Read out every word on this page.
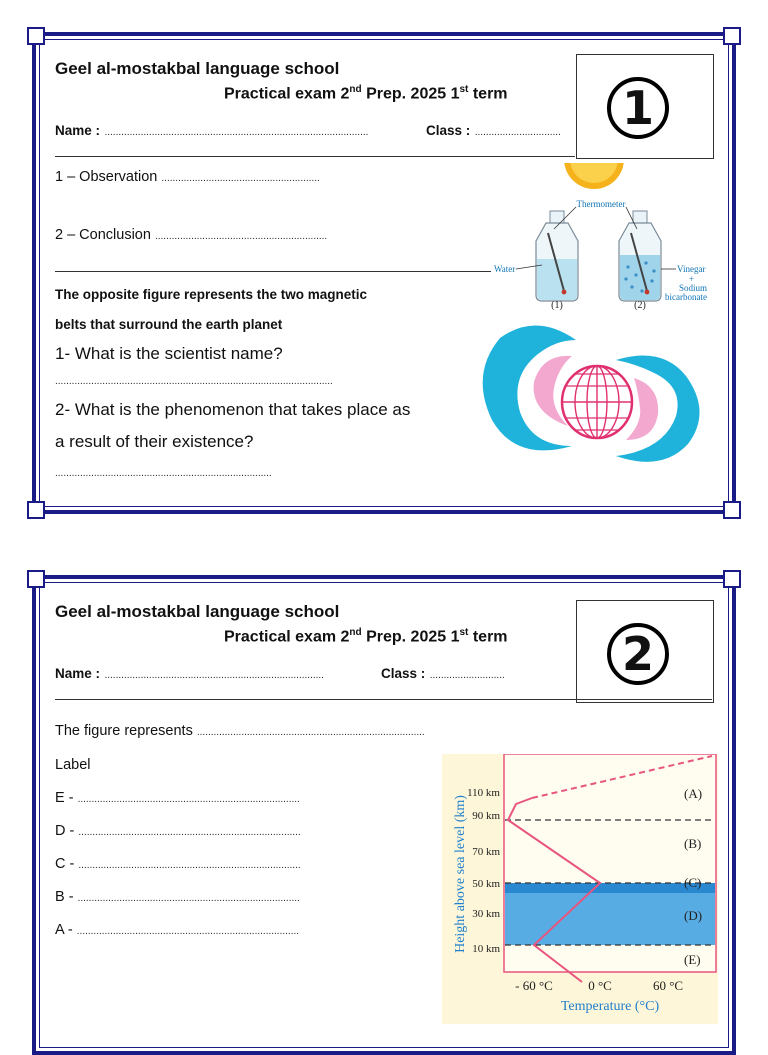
Geel al-mostakbal language school
Practical exam 2nd Prep. 2025 1st term
Name : ...............................................................................................	Class : ...............................	1
1 – Observation .........................................................
2 – Conclusion ..............................................................
The opposite figure represents the two magnetic
belts that surround the earth planet
1- What is the scientist name?
....................................................................................................
2- What is the phenomenon that takes place as
a result of their existence?
..............................................................................
Thermometer
Water	Vinegar
+
Sodium
bicarbonate
(1)	(2)
Geel al-mostakbal language school
Practical exam 2nd Prep. 2025 1st term
Name : ...............................................................................	Class : ...........................	2
The figure represents ..................................................................................
Label
E - ................................................................................
D - ................................................................................
C - ................................................................................
B - ................................................................................
A - ................................................................................	Height above sea level (km)
110 km
90 km
70 km
50 km
30 km
10 km
- 60 °C	0 °C	60 °C
Temperature (°C)
(A)
(B)
(C)
(D)
(E)
